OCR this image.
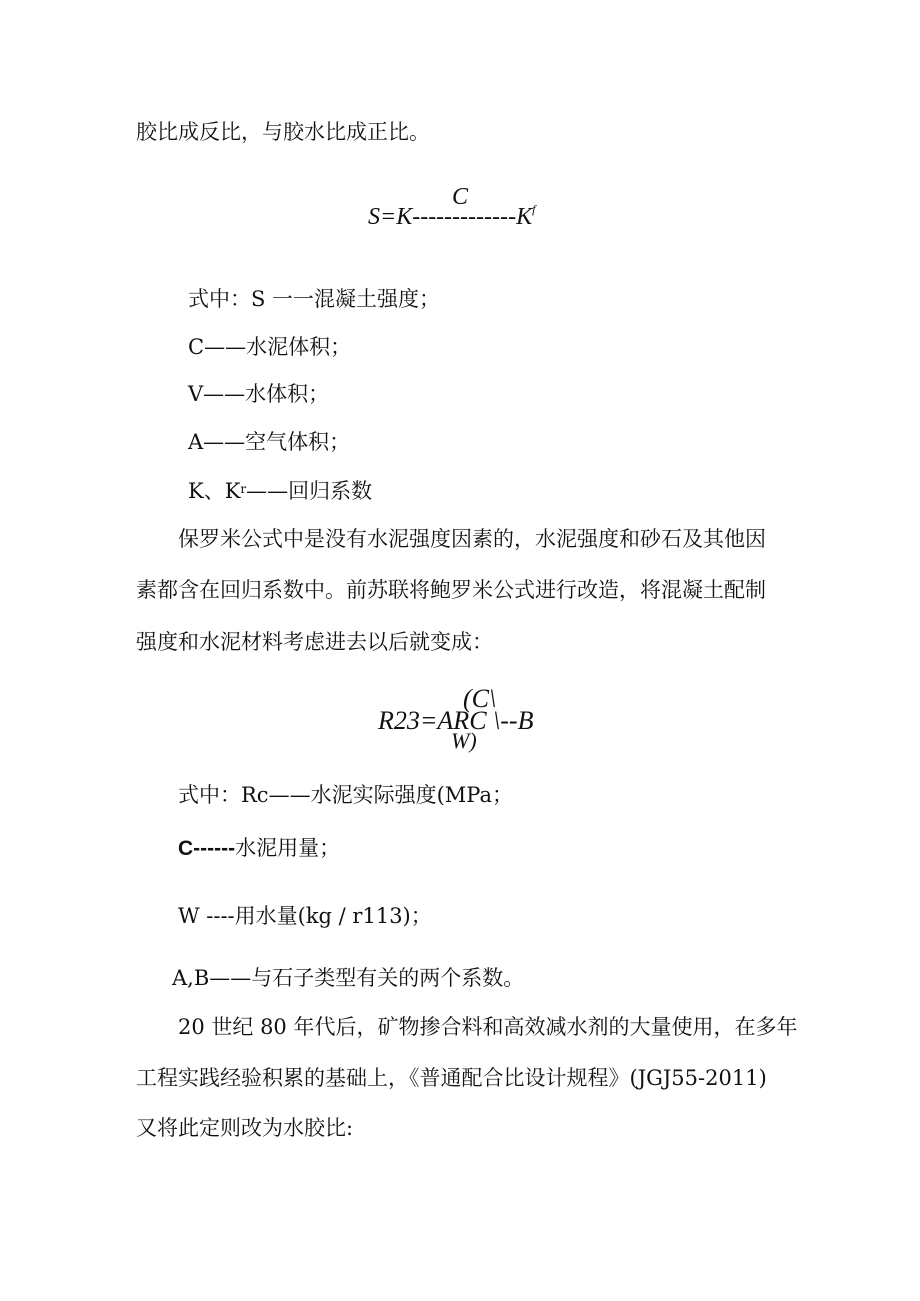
胶比成反比，与胶水比成正比。
C
$S=K-------------K^f$
式中：S 一一混凝土强度；
C——水泥体积；
V——水体积；
A——空气体积；
K、$K^r——$回归系数
保罗米公式中是没有水泥强度因素的，水泥强度和砂石及其他因
素都含在回归系数中。前苏联将鲍罗米公式进行改造，将混凝土配制
强度和水泥材料考虑进去以后就变成：
(C\
R23=ARC \--B
W)
式中：Rc——水泥实际强度(MPa；
C------水泥用量；
W ----用水量(kg / r113)；
A,B——与石子类型有关的两个系数。
20 世纪 80 年代后，矿物掺合料和高效减水剂的大量使用，在多年
工程实践经验积累的基础上，《普通配合比设计规程》(JGJ55-2011)
又将此定则改为水胶比:
